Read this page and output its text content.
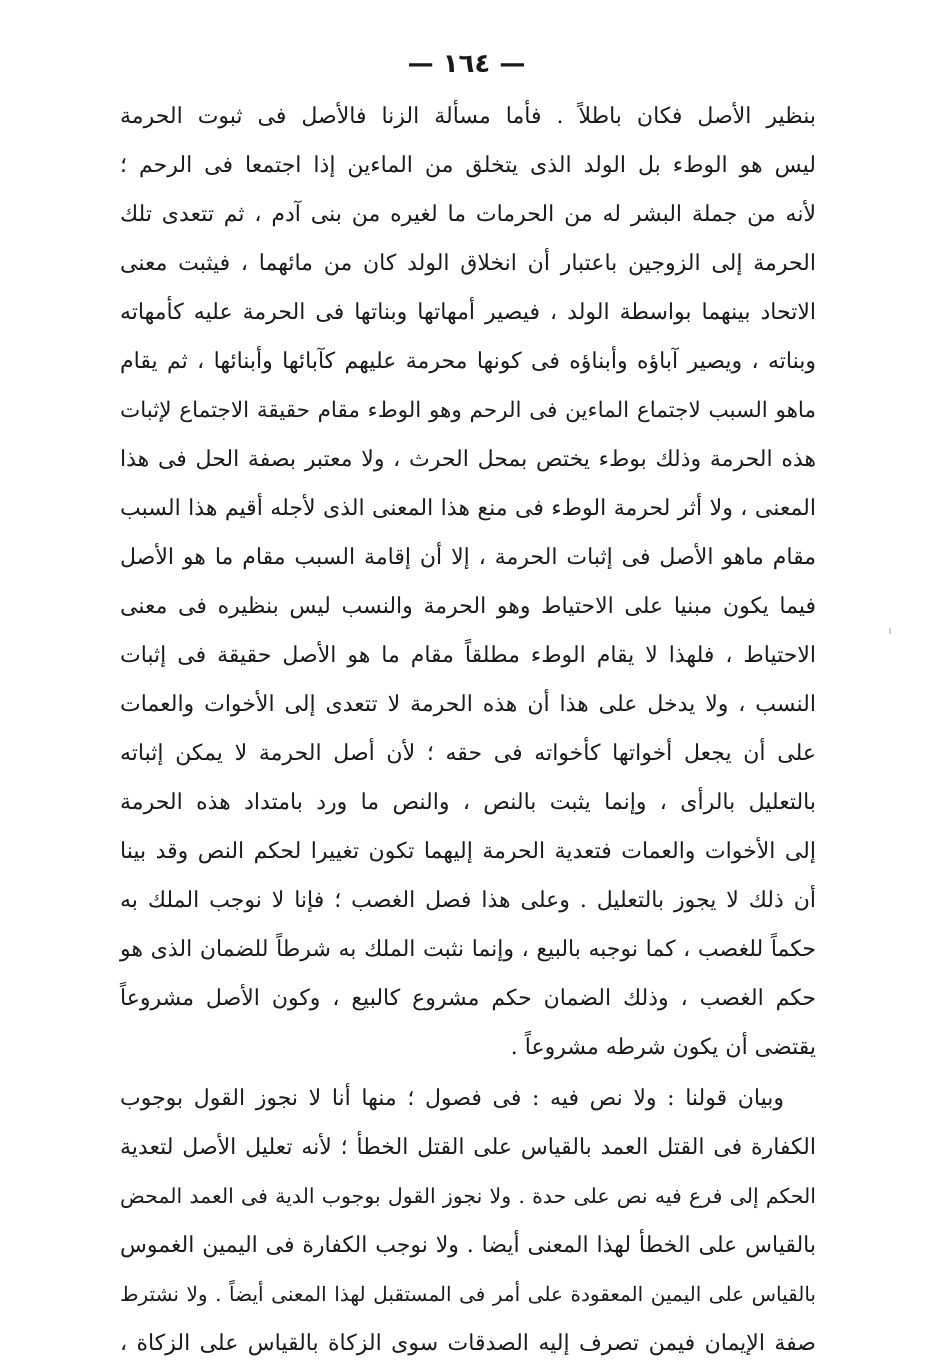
— ١٦٤ —
بنظير الأصل فكان باطلاً . فأما مسألة الزنا فالأصل فى ثبوت الحرمة
ليس هو الوطء بل الولد الذى يتخلق من الماءين إذا اجتمعا فى الرحم ؛
لأنه من جملة البشر له من الحرمات ما لغيره من بنى آدم ، ثم تتعدى تلك
الحرمة إلى الزوجين باعتبار أن انخلاق الولد كان من مائهما ، فيثبت معنى
الاتحاد بينهما بواسطة الولد ، فيصير أمهاتها وبناتها فى الحرمة عليه كأمهاته
وبناته ، ويصير آباؤه وأبناؤه فى كونها محرمة عليهم كآبائها وأبنائها ، ثم يقام
ماهو السبب لاجتماع الماءين فى الرحم وهو الوطء مقام حقيقة الاجتماع لإثبات
هذه الحرمة وذلك بوطء يختص بمحل الحرث ، ولا معتبر بصفة الحل فى هذا
المعنى ، ولا أثر لحرمة الوطء فى منع هذا المعنى الذى لأجله أقيم هذا السبب
مقام ماهو الأصل فى إثبات الحرمة ، إلا أن إقامة السبب مقام ما هو الأصل
فيما يكون مبنيا على الاحتياط وهو الحرمة والنسب ليس بنظيره فى معنى
الاحتياط ، فلهذا لا يقام الوطء مطلقاً مقام ما هو الأصل حقيقة فى إثبات
النسب ، ولا يدخل على هذا أن هذه الحرمة لا تتعدى إلى الأخوات والعمات
على أن يجعل أخواتها كأخواته فى حقه ؛ لأن أصل الحرمة لا يمكن إثباته
بالتعليل بالرأى ، وإنما يثبت بالنص ، والنص ما ورد بامتداد هذه الحرمة
إلى الأخوات والعمات فتعدية الحرمة إليهما تكون تغييرا لحكم النص وقد بينا
أن ذلك لا يجوز بالتعليل . وعلى هذا فصل الغصب ؛ فإنا لا نوجب الملك به
حكماً للغصب ، كما نوجبه بالبيع ، وإنما نثبت الملك به شرطاً للضمان الذى هو
حكم الغصب ، وذلك الضمان حكم مشروع كالبيع ، وكون الأصل مشروعاً
يقتضى أن يكون شرطه مشروعاً .
وبيان قولنا : ولا نص فيه : فى فصول ؛ منها أنا لا نجوز القول بوجوب
الكفارة فى القتل العمد بالقياس على القتل الخطأ ؛ لأنه تعليل الأصل لتعدية
الحكم إلى فرع فيه نص على حدة . ولا نجوز القول بوجوب الدية فى العمد المحض
بالقياس على الخطأ لهذا المعنى أيضا . ولا نوجب الكفارة فى اليمين الغموس
بالقياس على اليمين المعقودة على أمر فى المستقبل لهذا المعنى أيضاً . ولا نشترط
صفة الإيمان فيمن تصرف إليه الصدقات سوى الزكاة بالقياس على الزكاة ،
